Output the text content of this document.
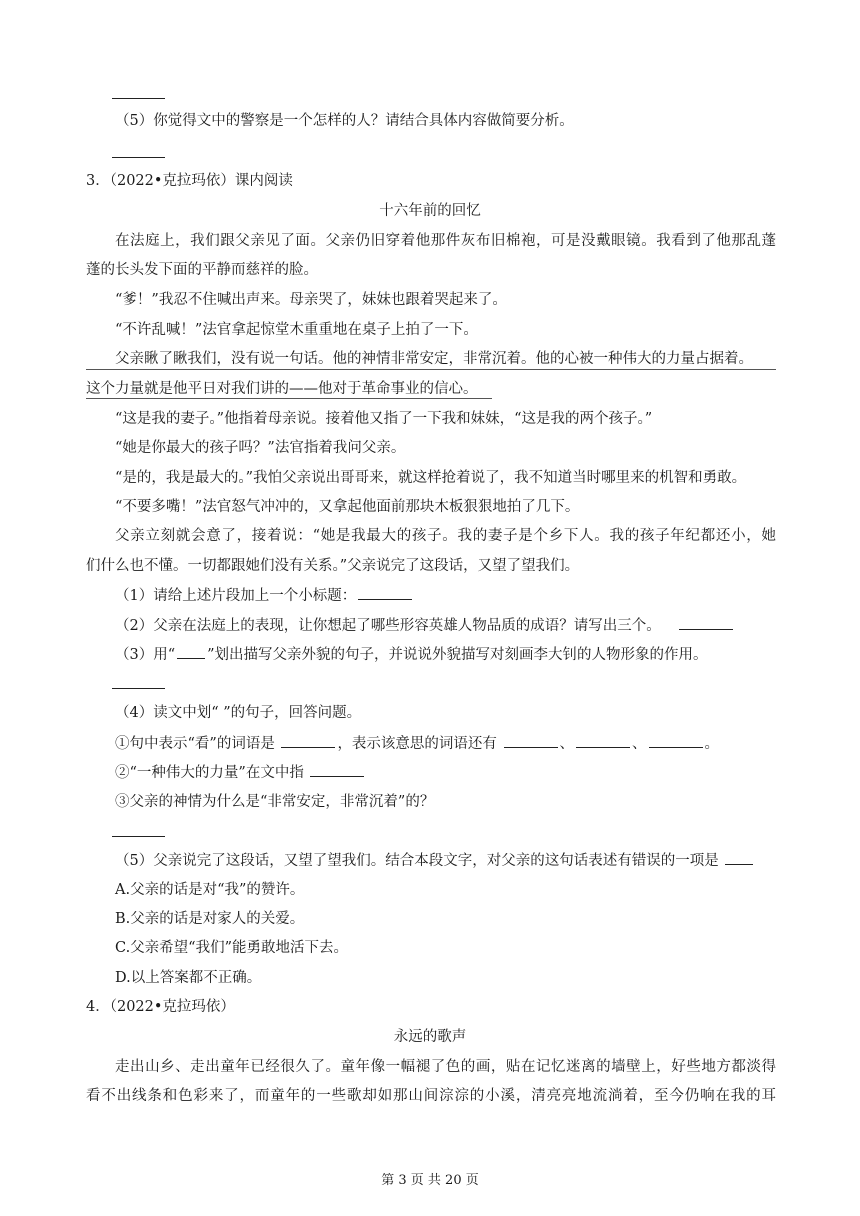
（5）你觉得文中的警察是一个怎样的人？请结合具体内容做简要分析。
3．（2022•克拉玛依）课内阅读
十六年前的回忆
在法庭上，我们跟父亲见了面。父亲仍旧穿着他那件灰布旧棉袍，可是没戴眼镜。我看到了他那乱蓬
蓬的长头发下面的平静而慈祥的脸。
“爹！”我忍不住喊出声来。母亲哭了，妹妹也跟着哭起来了。
“不许乱喊！”法官拿起惊堂木重重地在桌子上拍了一下。
父亲瞅了瞅我们，没有说一句话。他的神情非常安定，非常沉着。他的心被一种伟大的力量占据着。
这个力量就是他平日对我们讲的——他对于革命事业的信心。
“这是我的妻子。”他指着母亲说。接着他又指了一下我和妹妹，“这是我的两个孩子。”
“她是你最大的孩子吗？”法官指着我问父亲。
“是的，我是最大的。”我怕父亲说出哥哥来，就这样抢着说了，我不知道当时哪里来的机智和勇敢。
“不要多嘴！”法官怒气冲冲的，又拿起他面前那块木板狠狠地拍了几下。
父亲立刻就会意了，接着说：“她是我最大的孩子。我的妻子是个乡下人。我的孩子年纪都还小，她
们什么也不懂。一切都跟她们没有关系。”父亲说完了这段话，又望了望我们。
（1）请给上述片段加上一个小标题：
（2）父亲在法庭上的表现，让你想起了哪些形容英雄人物品质的成语？请写出三个。
（3）用“ ”划出描写父亲外貌的句子，并说说外貌描写对刻画李大钊的人物形象的作用。
（4）读文中划“ ”的句子，回答问题。
①句中表示“看”的词语是	，表示该意思的词语还有	、	、	。
②“一种伟大的力量”在文中指
③父亲的神情为什么是“非常安定，非常沉着”的？
（5）父亲说完了这段话，又望了望我们。结合本段文字，对父亲的这句话表述有错误的一项是
A.父亲的话是对“我”的赞许。
B.父亲的话是对家人的关爱。
C.父亲希望“我们”能勇敢地活下去。
D.以上答案都不正确。
4．（2022•克拉玛依）
永远的歌声
走出山乡、走出童年已经很久了。童年像一幅褪了色的画，贴在记忆迷离的墙壁上，好些地方都淡得
看不出线条和色彩来了，而童年的一些歌却如那山间淙淙的小溪，清亮亮地流淌着，至今仍响在我的耳
第 3 页 共 20 页
